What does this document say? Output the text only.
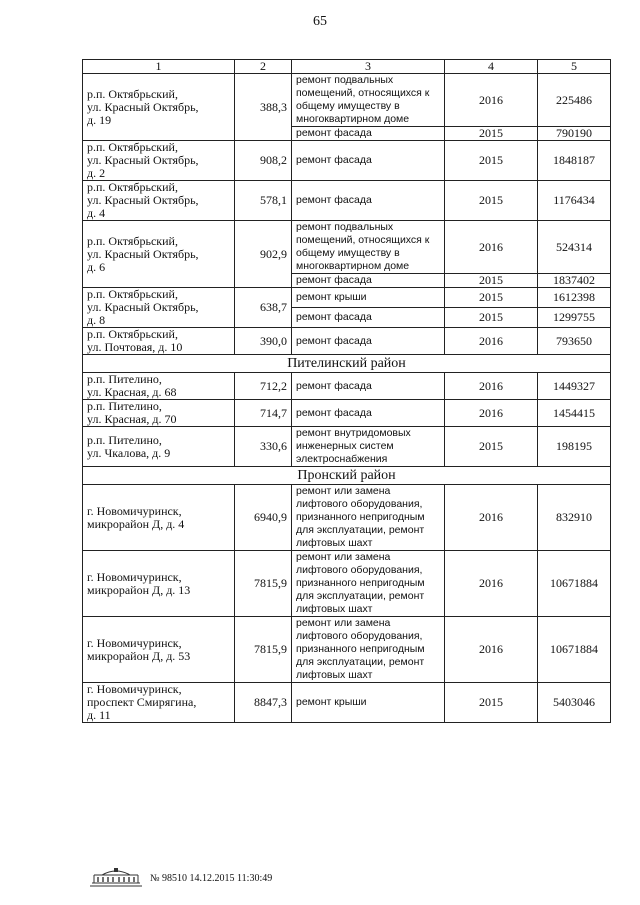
65
1	2	3	4	5
р.п. Октябрьский,
ул. Красный Октябрь,
д. 19	388,3	ремонт подвальных
помещений, относящихся к
общему имуществу в
многоквартирном доме	2016	225486
		ремонт фасада	2015	790190
р.п. Октябрьский,
ул. Красный Октябрь,
д. 2	908,2	ремонт фасада	2015	1848187
р.п. Октябрьский,
ул. Красный Октябрь,
д. 4	578,1	ремонт фасада	2015	1176434
р.п. Октябрьский,
ул. Красный Октябрь,
д. 6	902,9	ремонт подвальных
помещений, относящихся к
общему имуществу в
многоквартирном доме	2016	524314
		ремонт фасада	2015	1837402
р.п. Октябрьский,
ул. Красный Октябрь,
д. 8	638,7	ремонт крыши	2015	1612398
		ремонт фасада	2015	1299755
р.п. Октябрьский,
ул. Почтовая, д. 10	390,0	ремонт фасада	2016	793650
Пителинский район				
р.п. Пителино,
ул. Красная, д. 68	712,2	ремонт фасада	2016	1449327
р.п. Пителино,
ул. Красная, д. 70	714,7	ремонт фасада	2016	1454415
р.п. Пителино,
ул. Чкалова, д. 9	330,6	ремонт внутридомовых
инженерных систем
электроснабжения	2015	198195
Пронский район				
г. Новомичуринск,
микрорайон Д, д. 4	6940,9	ремонт или замена
лифтового оборудования,
признанного непригодным
для эксплуатации, ремонт
лифтовых шахт	2016	832910
г. Новомичуринск,
микрорайон Д, д. 13	7815,9	ремонт или замена
лифтового оборудования,
признанного непригодным
для эксплуатации, ремонт
лифтовых шахт	2016	10671884
г. Новомичуринск,
микрорайон Д, д. 53	7815,9	ремонт или замена
лифтового оборудования,
признанного непригодным
для эксплуатации, ремонт
лифтовых шахт	2016	10671884
г. Новомичуринск,
проспект Смирягина,
д. 11	8847,3	ремонт крыши	2015	5403046
№ 98510 14.12.2015 11:30:49
